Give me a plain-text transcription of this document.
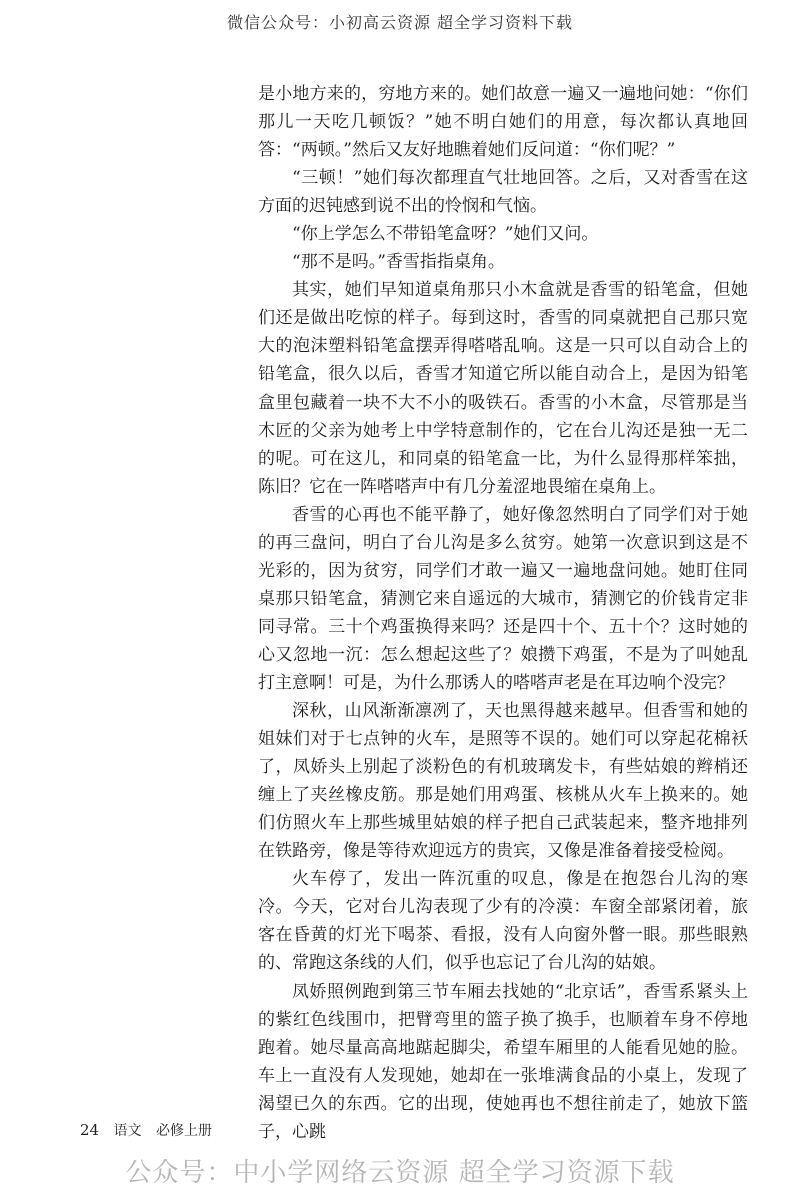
微信公众号：小初高云资源 超全学习资料下载

是小地方来的，穷地方来的。她们故意一遍又一遍地问她：“你们那儿一天吃几顿饭？”她不明白她们的用意，每次都认真地回答：“两顿。”然后又友好地瞧着她们反问道：“你们呢？”

“三顿！”她们每次都理直气壮地回答。之后，又对香雪在这方面的迟钝感到说不出的怜悯和气恼。

“你上学怎么不带铅笔盒呀？”她们又问。

“那不是吗。”香雪指指桌角。

其实，她们早知道桌角那只小木盒就是香雪的铅笔盒，但她们还是做出吃惊的样子。每到这时，香雪的同桌就把自己那只宽大的泡沫塑料铅笔盒摆弄得嗒嗒乱响。这是一只可以自动合上的铅笔盒，很久以后，香雪才知道它所以能自动合上，是因为铅笔盒里包藏着一块不大不小的吸铁石。香雪的小木盒，尽管那是当木匠的父亲为她考上中学特意制作的，它在台儿沟还是独一无二的呢。可在这儿，和同桌的铅笔盒一比，为什么显得那样笨拙，陈旧？它在一阵嗒嗒声中有几分羞涩地畏缩在桌角上。

香雪的心再也不能平静了，她好像忽然明白了同学们对于她的再三盘问，明白了台儿沟是多么贫穷。她第一次意识到这是不光彩的，因为贫穷，同学们才敢一遍又一遍地盘问她。她盯住同桌那只铅笔盒，猜测它来自遥远的大城市，猜测它的价钱肯定非同寻常。三十个鸡蛋换得来吗？还是四十个、五十个？这时她的心又忽地一沉：怎么想起这些了？娘攒下鸡蛋，不是为了叫她乱打主意啊！可是，为什么那诱人的嗒嗒声老是在耳边响个没完？

深秋，山风渐渐凛冽了，天也黑得越来越早。但香雪和她的姐妹们对于七点钟的火车，是照等不误的。她们可以穿起花棉袄了，凤娇头上别起了淡粉色的有机玻璃发卡，有些姑娘的辫梢还缠上了夹丝橡皮筋。那是她们用鸡蛋、核桃从火车上换来的。她们仿照火车上那些城里姑娘的样子把自己武装起来，整齐地排列在铁路旁，像是等待欢迎远方的贵宾，又像是准备着接受检阅。

火车停了，发出一阵沉重的叹息，像是在抱怨台儿沟的寒冷。今天，它对台儿沟表现了少有的冷漠：车窗全部紧闭着，旅客在昏黄的灯光下喝茶、看报，没有人向窗外瞥一眼。那些眼熟的、常跑这条线的人们，似乎也忘记了台儿沟的姑娘。

凤娇照例跑到第三节车厢去找她的“北京话”，香雪系紧头上的紫红色线围巾，把臂弯里的篮子换了换手，也顺着车身不停地跑着。她尽量高高地踮起脚尖，希望车厢里的人能看见她的脸。车上一直没有人发现她，她却在一张堆满食品的小桌上，发现了渴望已久的东西。它的出现，使她再也不想往前走了，她放下篮子，心跳

24 语文 必修上册
公众号：中小学网络云资源 超全学习资源下载
